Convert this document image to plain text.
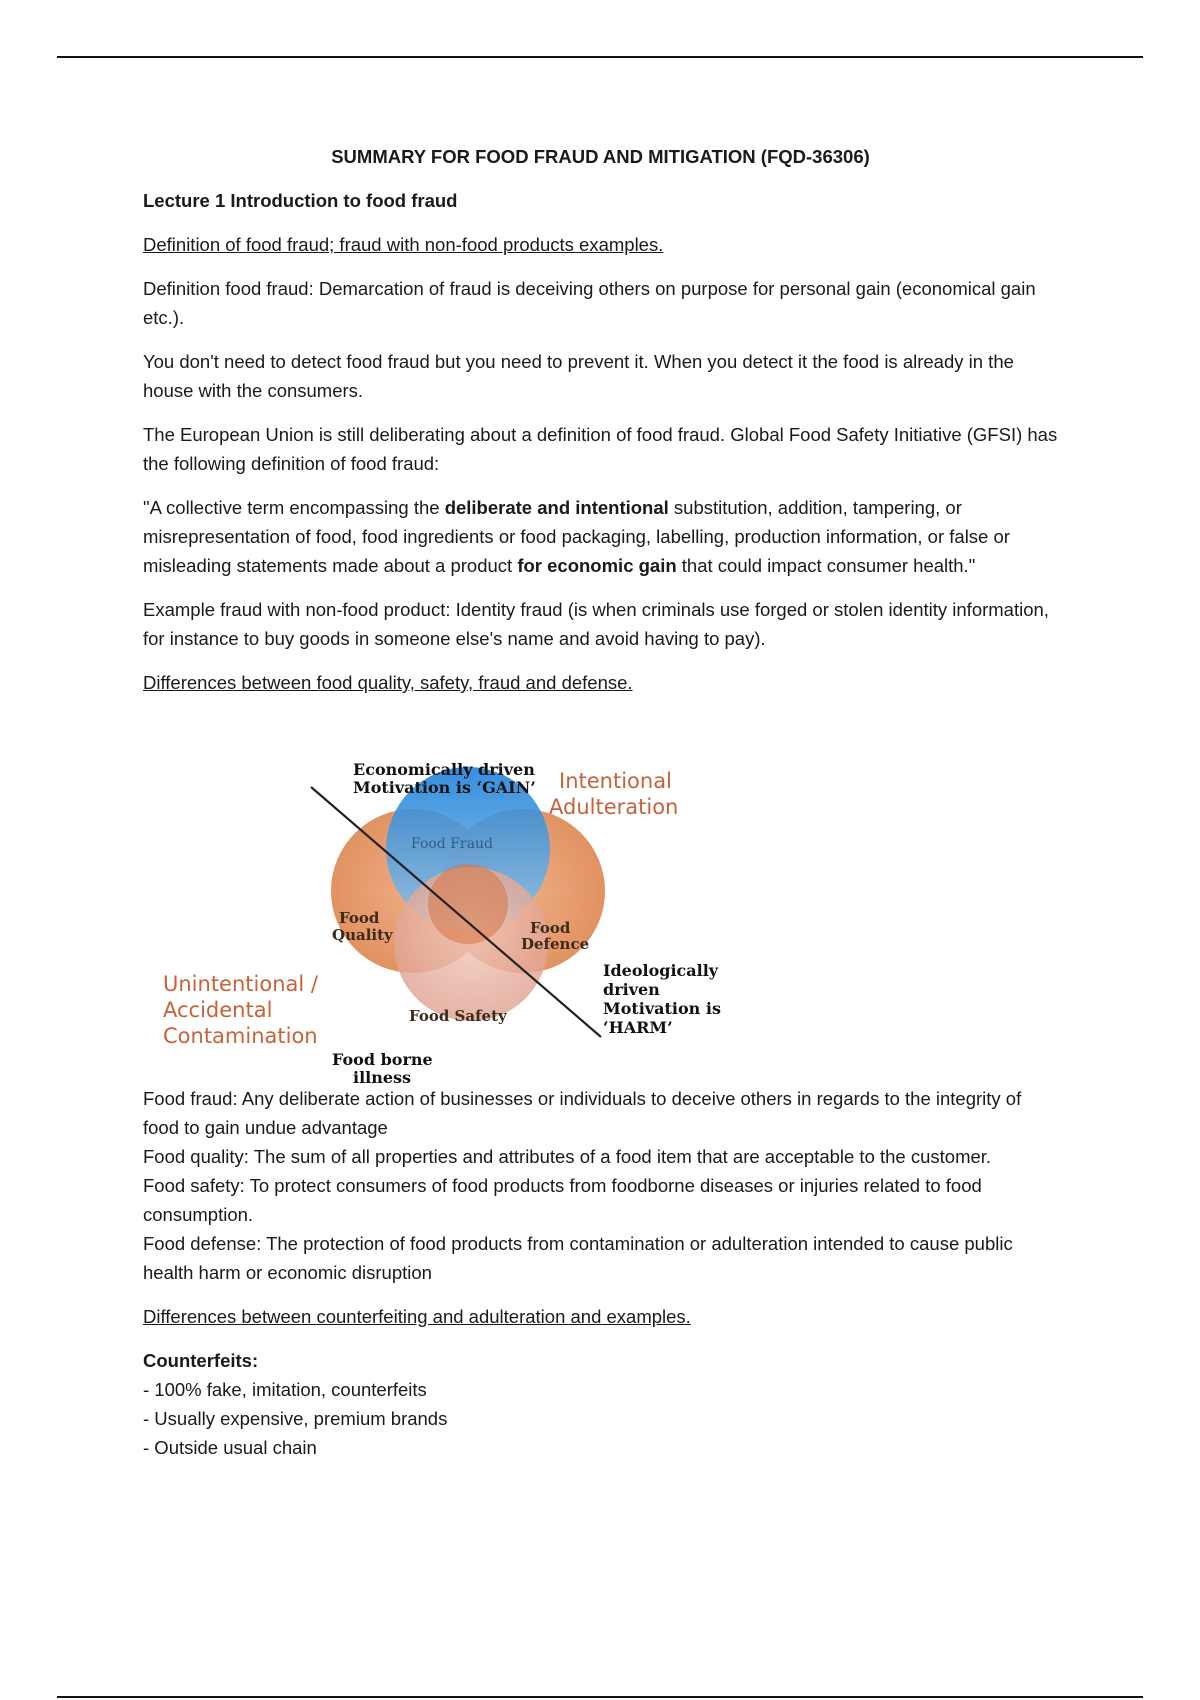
SUMMARY FOR FOOD FRAUD AND MITIGATION (FQD-36306)
Lecture 1 Introduction to food fraud
Definition of food fraud; fraud with non-food products examples.

Definition food fraud: Demarcation of fraud is deceiving others on purpose for personal gain (economical gain etc.).

You don't need to detect food fraud but you need to prevent it. When you detect it the food is already in the house with the consumers.

The European Union is still deliberating about a definition of food fraud. Global Food Safety Initiative (GFSI) has the following definition of food fraud:

"A collective term encompassing the deliberate and intentional substitution, addition, tampering, or misrepresentation of food, food ingredients or food packaging, labelling, production information, or false or misleading statements made about a product for economic gain that could impact consumer health."

Example fraud with non-food product: Identity fraud (is when criminals use forged or stolen identity information, for instance to buy goods in someone else's name and avoid having to pay).

Differences between food quality, safety, fraud and defense.
Economically driven
Motivation is ‘GAIN’ Intentional
Adulteration
Food Fraud
Food
Quality	Food
Defence
Food Safety
Ideologically
driven
Motivation is
‘HARM’
Unintentional /
Accidental
Contamination
Food borne
illness
Food fraud: Any deliberate action of businesses or individuals to deceive others in regards to the integrity of food to gain undue advantage
Food quality: The sum of all properties and attributes of a food item that are acceptable to the customer.
Food safety: To protect consumers of food products from foodborne diseases or injuries related to food consumption.
Food defense: The protection of food products from contamination or adulteration intended to cause public health harm or economic disruption
Differences between counterfeiting and adulteration and examples.
Counterfeits:
- 100% fake, imitation, counterfeits
- Usually expensive, premium brands
- Outside usual chain
